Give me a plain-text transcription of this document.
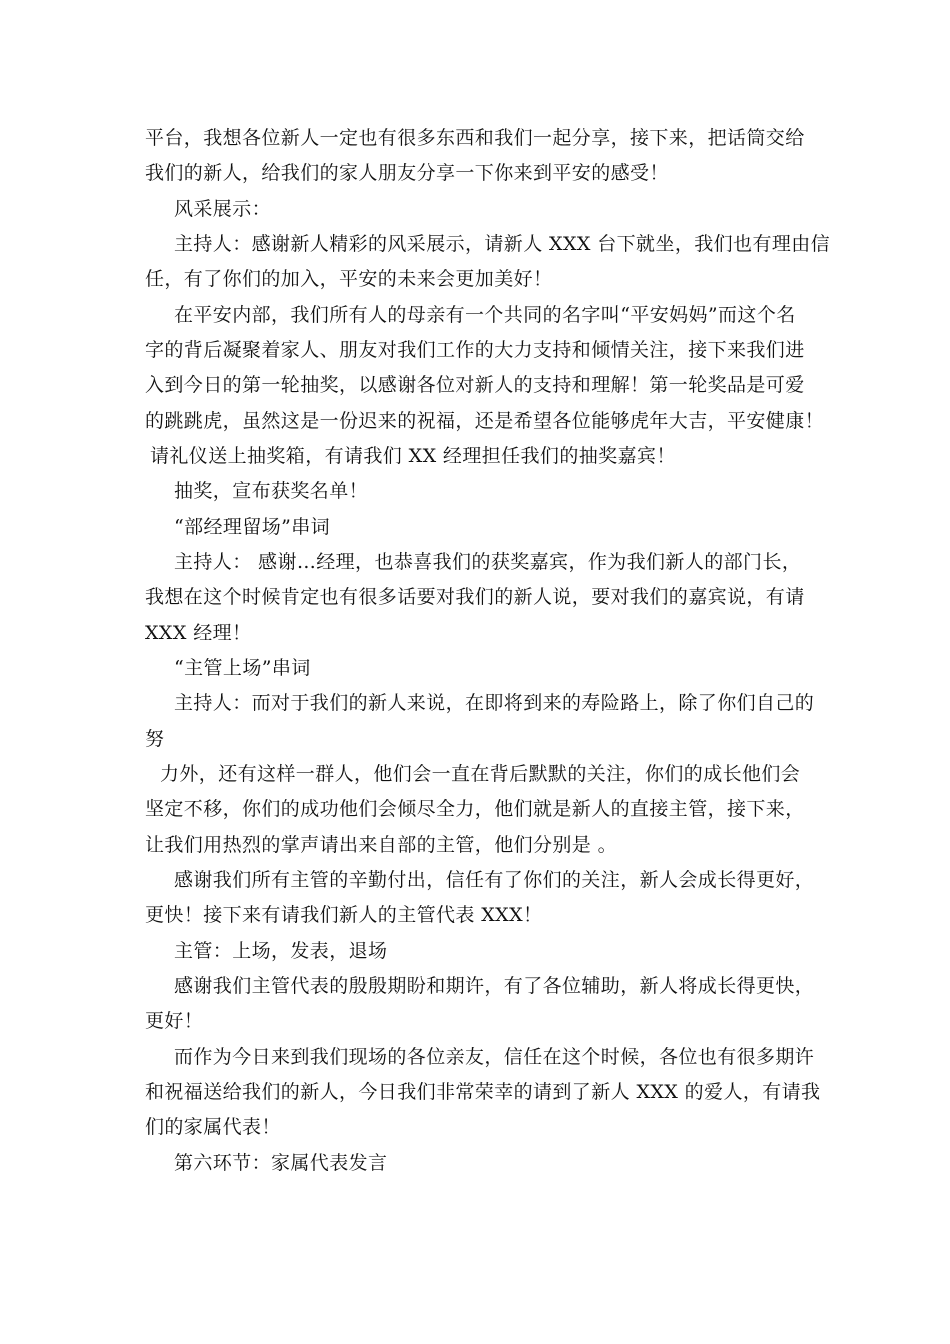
平台，我想各位新人一定也有很多东西和我们一起分享，接下来，把话筒交给
我们的新人，给我们的家人朋友分享一下你来到平安的感受！
风采展示：
主持人：感谢新人精彩的风采展示，请新人 XXX 台下就坐，我们也有理由信
任，有了你们的加入，平安的未来会更加美好！
在平安内部，我们所有人的母亲有一个共同的名字叫“平安妈妈”而这个名
字的背后凝聚着家人、朋友对我们工作的大力支持和倾情关注，接下来我们进
入到今日的第一轮抽奖，以感谢各位对新人的支持和理解！第一轮奖品是可爱
的跳跳虎，虽然这是一份迟来的祝福，还是希望各位能够虎年大吉，平安健康！
请礼仪送上抽奖箱，有请我们 XX 经理担任我们的抽奖嘉宾！
抽奖，宣布获奖名单！
“部经理留场”串词
主持人： 感谢…经理，也恭喜我们的获奖嘉宾，作为我们新人的部门长，
我想在这个时候肯定也有很多话要对我们的新人说，要对我们的嘉宾说，有请
XXX 经理！
“主管上场”串词
主持人：而对于我们的新人来说，在即将到来的寿险路上，除了你们自己的
努
力外，还有这样一群人，他们会一直在背后默默的关注，你们的成长他们会
坚定不移，你们的成功他们会倾尽全力，他们就是新人的直接主管，接下来，
让我们用热烈的掌声请出来自部的主管，他们分别是 。
感谢我们所有主管的辛勤付出，信任有了你们的关注，新人会成长得更好，
更快！接下来有请我们新人的主管代表 XXX！
主管：上场，发表，退场
感谢我们主管代表的殷殷期盼和期许，有了各位辅助，新人将成长得更快，
更好！
而作为今日来到我们现场的各位亲友，信任在这个时候，各位也有很多期许
和祝福送给我们的新人，今日我们非常荣幸的请到了新人 XXX 的爱人，有请我
们的家属代表！
第六环节：家属代表发言
